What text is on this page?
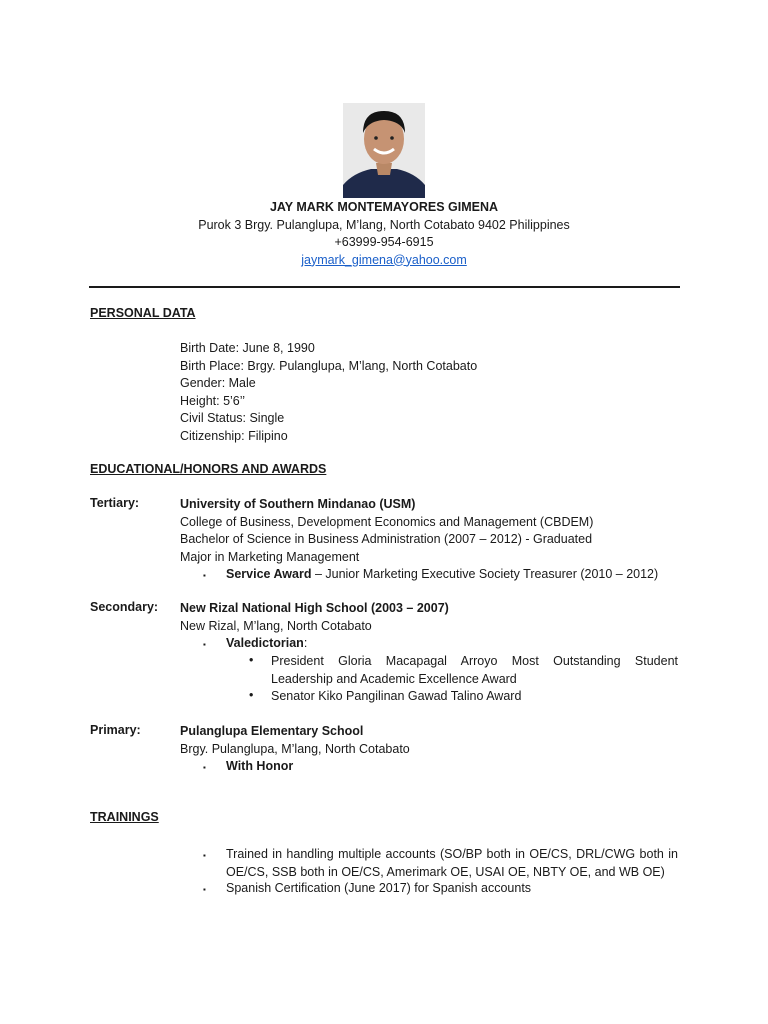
JAY MARK MONTEMAYORES GIMENA
Purok 3 Brgy. Pulanglupa, M’lang, North Cotabato 9402 Philippines
+63999-954-6915
jaymark_gimena@yahoo.com
PERSONAL DATA
Birth Date: June 8, 1990
Birth Place: Brgy. Pulanglupa, M’lang, North Cotabato
Gender: Male
Height: 5’6’’
Civil Status: Single
Citizenship: Filipino
EDUCATIONAL/HONORS AND AWARDS
Tertiary:	University of Southern Mindanao (USM)
College of Business, Development Economics and Management (CBDEM)
Bachelor of Science in Business Administration (2007 – 2012) - Graduated
Major in Marketing Management
▪ Service Award – Junior Marketing Executive Society Treasurer (2010 – 2012)
Secondary: New Rizal National High School (2003 – 2007)
New Rizal, M’lang, North Cotabato
▪ Valedictorian:
• President Gloria Macapagal Arroyo Most Outstanding Student
Leadership and Academic Excellence Award
• Senator Kiko Pangilinan Gawad Talino Award
Primary:	Pulanglupa Elementary School
Brgy. Pulanglupa, M’lang, North Cotabato
▪ With Honor
TRAININGS
▪ Trained in handling multiple accounts (SO/BP both in OE/CS, DRL/CWG both in
OE/CS, SSB both in OE/CS, Amerimark OE, USAI OE, NBTY OE, and WB OE)
▪ Spanish Certification (June 2017) for Spanish accounts
